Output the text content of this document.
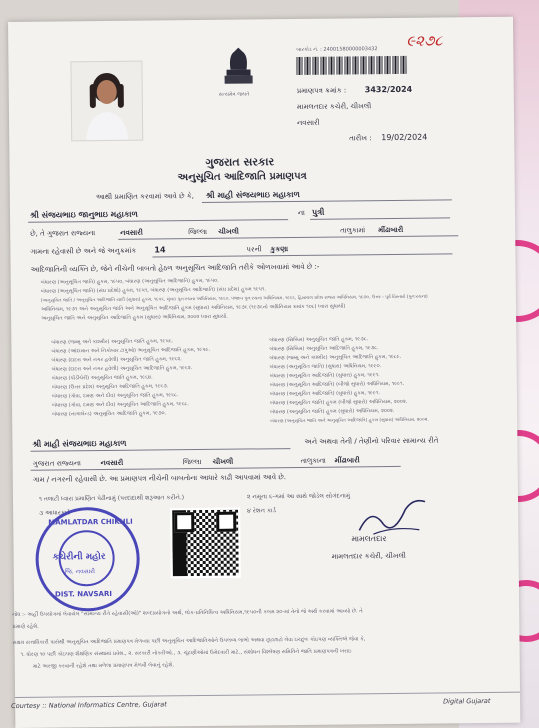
સત્યમેવ જયતે
બારકોડ નં. : 24001580000003432 ૯૨૭૮
પ્રમાણપત્ર ક્રમાંક : 3432/2024
મામલતદાર કચેરી, ચીખલી
નવસારી
તારીખ : 19/02/2024
ગુજરાત સરકાર
અનુસૂચિત આદિજાતિ પ્રમાણપત્ર
આથી પ્રમાણિત કરવામાં આવે છે કે, શ્રી માહી સંજયભાઇ મહાકાળ
શ્રી સંજયભાઇ જાનુભાઇ મહાકાળ	ના પુત્રી
છે, તે ગુજરાત રાજ્યના	નવસારી	જિલ્લા ચીખલી	તાલુકામાં મીંઢાબારી
ગામના રહેવાસી છે અને જે અનુક્રમાંક 14	પરની કુકણા
આદિજાતિની વ્યક્તિ છે, જેને નીચેની બાબતો હેઠળ અનુસૂચિત આદિજાતિ તરીકે ઓળખવામાં આવે છે :-
બંધારણ (અનુસૂચિત જાતિ) હુકમ, ૧૯૫૦, બંધારણ (અનુસૂચિત આદિજાતિ) હુકમ, ૧૯૫૦.
બંધારણ (અનુસૂચિત જાતિ) (સંઘ પ્રદેશો) હુકમ, ૧૯૫૧, બંધારણ (અનુસૂચિત આદિજાતિ) (સંઘ પ્રદેશ) હુકમ ૧૯૫૧.
(અનુસૂચિત જાતિ / અનુસૂચિત આદિજાતિ યાદી (સુધારા) હુકમ, ૧૯૫૬, મુંબઇ પુનઃરચના અધિનિયમ, ૧૯૬૦, પંજાબ પુનઃરચના અધિનિયમ, ૧૯૬૬, હિમાચલ પ્રદેશ રાજ્ય અધિનિયમ, ૧૯૭૦, ઉત્તર - પૂર્વ વિસ્તારો (પુનઃરચના)
અધિનિયમ, ૧૯૭૧ અને અનુસૂચિત જાતિ અને અનુસૂચિત આદિજાતિ હુકમ (સુધારા) અધિનિયમ, ૧૯૭૬ (૧૯૭૬નો અધિનિયમ ક્રમાંક ૧૦૮) ધ્વારા સુધાર્યા)
અનુસૂચિત જાતિ અને અનુસૂચિત આદિજાતિ હુકમ (સુધારા) અધિનિયમ, ૨૦૦૨ ધ્વારા સુધાર્યા.
બંધારણ (જમ્મુ અને કાશ્મીર) અનુસૂચિત જાતિ હુકમ, ૧૯૫૬.
બંધારણ (આંદામાન અને નિકોબાર ટાપુઓ) અનુસૂચિત આદિજાતિ હુકમ, ૧૯૫૯.
બંધારણ (દાદરા અને નગર હવેલી) અનુસૂચિત જાતિ હુકમ, ૧૯૬૨.
બંધારણ (દાદરા અને નગર હવેલી) અનુસૂચિત આદિજાતિ હુકમ, ૧૯૬૨.
બંધારણ (પોંડીચેરી) અનુસૂચિત જાતિ હુકમ, ૧૯૬૪.
બંધારણ (ઉત્તર પ્રદેશ) અનુસૂચિત આદિજાતિ હુકમ, ૧૯૬૭.
બંધારણ (ગોવા, દમણ અને દીવ) અનુસૂચિત જાતિ હુકમ, ૧૯૬૮.
બંધારણ (ગોવા, દમણ અને દીવ) અનુસૂચિત આદિજાતિ હુકમ, ૧૯૬૮.
બંધારણ (નાગાલેન્ડ) અનુસૂચિત આદિજાતિ હુકમ, ૧૯૭૦.
બંધારણ (સિક્કિમ) અનુસૂચિત જાતિ હુકમ, ૧૯૭૮.
બંધારણ (સિક્કિમ) અનુસૂચિત આદિજાતિ હુકમ, ૧૯૭૮.
બંધારણ (જમ્મુ અને કાશ્મીર) અનુસૂચિત આદિજાતિ હુકમ, ૧૯૮૯.
બંધારણ (અનુસૂચિત જાતિ) (સુધારા) અધિનિયમ, ૧૯૯૦.
બંધારણ (અનુસૂચિત આદિજાતિ) (સુધારા) હુકમ, ૧૯૯૧.
બંધારણ (અનુસૂચિત આદિજાતિ) (બીજો સુધારો) અધિનિયમ, ૧૯૯૧.
બંધારણ (અનુસૂચિત આદિજાતિ) (સુધારો) હુકમ, ૧૯૯૧.
બંધારણ (અનુસૂચિત જાતિ) હુકમ (બીજો સુધારો) અધિનિયમ, ૨૦૦૨.
બંધારણ (અનુસૂચિત જાતિ) હુકમ (સુધારો) અધિનિયમ, ૨૦૦૨.
બંધારણ (અનુસૂચિત જાતિ અને અનુસૂચિત આદિજાતિ) હુકમ (સુધારા) અધિનિયમ, ૨૦૦૨.
શ્રી માહી સંજયભાઇ મહાકાળ	અને અથવા તેની / તેણીનો પરિવાર સામાન્ય રીતે
ગુજરાત રાજ્યના	નવસારી	જિલ્લા ચીખલી	તાલુકાના મીંઢાબારી
ગામ / નગરની રહેવાસી છે. આ પ્રમાણપત્ર નીચેની બાબતોના આધારે કાઢી આપવામાં આવે છે.
૧ તલાટી ધ્વારા પ્રમાણિત પેઢીનામું (પરદાદાથી શરૂઆત કરીને.)	૨ નમૂના ૬-ગમાં આ સાથે જોડેલ સોગંદનામું
૩ આધારકાર્ડ	૪ રેશન કાર્ડ
MAMLATDAR CHIKHLI
કચેરીની મહોર
જિ. નવસારી
DIST. NAVSARI
મામલતદાર
મામલતદાર કચેરી, ચીખલી
નોંધ :- અહીં ઉપયોગમાં લેવાયેલ "સામાન્ય રીતે રહેવાસી(ઓ)" શબ્દપ્રયોગનો અર્થ, લોક-પ્રતિનિધિત્વ અધિનિયમ,૧૯૫૦ની કલમ ૨૦-માં તેનો જે અર્થ કરવામાં આવ્યો છે. તે
પ્રમાણે રહેશે.
સક્ષમ સત્તાધિકારી પાસેથી અનુસૂચિત આદિજાતિ પ્રમાણપત્ર મેળવ્યા પછી અનુસૂચિત આદિજાતિઓને ઉપલબ્ધ લાભો અથવા છૂટછાટો લેવા ઇચ્છુક કોઇપણ વ્યક્તિએ જેવા કે,
૧. ધોરણ ૧૦ પછી કોઇપણ શૈક્ષણિક સંસ્થામાં પ્રવેશ., ૨. સરકારી નોકરીઓ., ૩. ચૂંટણીઓમાં ઉમેદવારી માટે., સંશોધન વિશ્લેષણ સમિતિને જાતિ પ્રમાણપત્રની ખરાઇ
માટે અરજી કરવાની રહેશે તથા મળેલા પ્રમાણપત્ર મેળવી લેવાનું રહેશે.
Courtesy :: National Informatics Centre, Gujarat	Digital Gujarat
